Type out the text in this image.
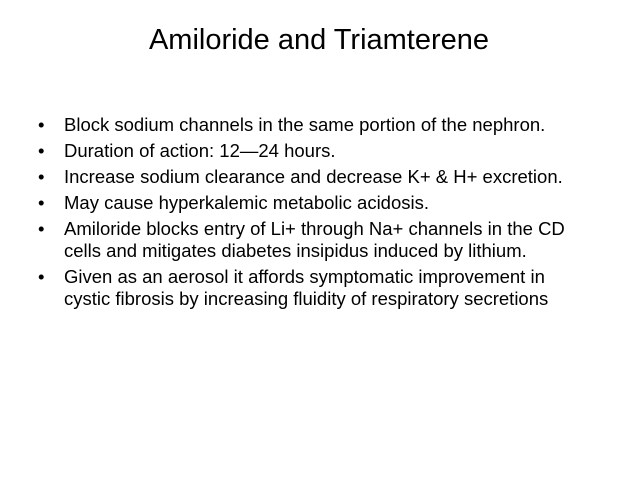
Amiloride and Triamterene
•	Block sodium channels in the same portion of the nephron.
•	Duration of action: 12—24 hours.
•	Increase sodium clearance and decrease K+ & H+ excretion.
•	May cause hyperkalemic metabolic acidosis.
•	Amiloride blocks entry of Li+ through Na+ channels in the CD cells and mitigates diabetes insipidus induced by lithium.
•	Given as an aerosol it affords symptomatic improvement in cystic fibrosis by increasing fluidity of respiratory secretions
